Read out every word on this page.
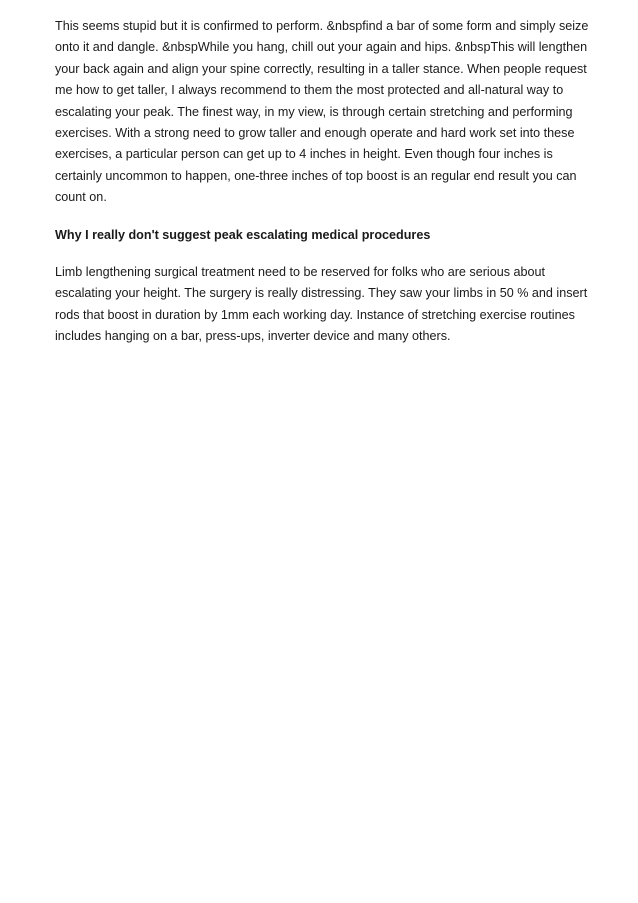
This seems stupid but it is confirmed to perform. &nbspfind a bar of some form and simply seize onto it and dangle. &nbspWhile you hang, chill out your again and hips. &nbspThis will lengthen your back again and align your spine correctly, resulting in a taller stance. When people request me how to get taller, I always recommend to them the most protected and all-natural way to escalating your peak. The finest way, in my view, is through certain stretching and performing exercises. With a strong need to grow taller and enough operate and hard work set into these exercises, a particular person can get up to 4 inches in height. Even though four inches is certainly uncommon to happen, one-three inches of top boost is an regular end result you can count on.

Why I really don't suggest peak escalating medical procedures

Limb lengthening surgical treatment need to be reserved for folks who are serious about escalating your height. The surgery is really distressing. They saw your limbs in 50 % and insert rods that boost in duration by 1mm each working day. Instance of stretching exercise routines includes hanging on a bar, press-ups, inverter device and many others.
